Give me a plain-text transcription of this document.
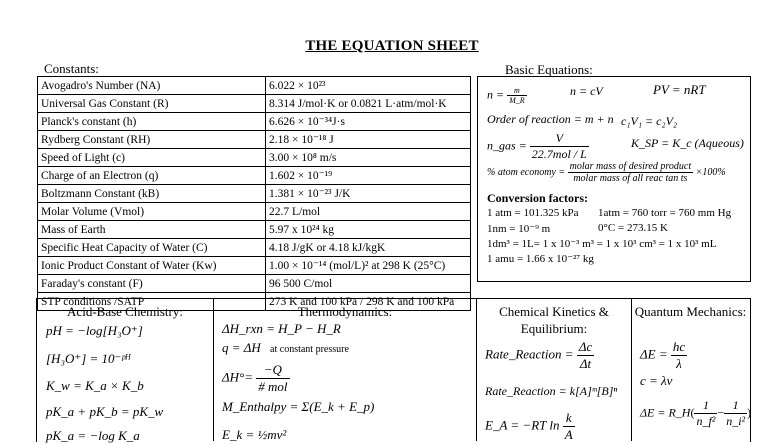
THE EQUATION SHEET
Constants:
Avogadro's Number (NA)	6.022 × 10²³
Universal Gas Constant (R)	8.314 J/mol·K or 0.0821 L·atm/mol·K
Planck's constant (h)	6.626 × 10⁻³⁴J·s
Rydberg Constant (RH)	2.18 × 10⁻¹⁸ J
Speed of Light (c)	3.00 × 10⁸ m/s
Charge of an Electron (q)	1.602 × 10⁻¹⁹
Boltzmann Constant (kB)	1.381 × 10⁻²³ J/K
Molar Volume (Vmol)	22.7 L/mol
Mass of Earth	5.97 x 10²⁴ kg
Specific Heat Capacity of Water (C)	4.18 J/gK or 4.18 kJ/kgK
Ionic Product Constant of Water (Kw)	1.00 × 10⁻¹⁴ (mol/L)² at 298 K (25°C)
Faraday's constant (F)	96 500 C/mol
STP conditions /SATP	273 K and 100 kPa / 298 K and 100 kPa
Basic Equations:
$n = \frac{m}{M\_R}$	n = cV	PV = nRT
Order of reaction = m + n c₁V₁ = c₂V₂
n_gas = $\frac{V}{\text{22.7mol / L}}$	K_SP = K_c (Aqueous)
% atom economy = $\frac{\text{molar mass of desired product}}{\text{molar mass of all reac tan ts}} \times 100\%$
Conversion factors:
1 atm = 101.325 kPa 1atm = 760 torr = 760 mm Hg
1nm = 10⁻⁹ m	0°C = 273.15 K
1dm³ = 1L= 1 x 10⁻³ m³ = 1 x 10³ cm³ = 1 x 10³ mL
1 amu = 1.66 x 10⁻²⁷ kg
Acid-Base Chemistry:
pH = −log[H₃O⁺]
[H₃O⁺] = 10⁻ᵖᴴ
K_w = K_a × K_b
pK_a + pK_b = pK_w
pK_a = −log K_a
Thermodynamics:
ΔH_rxn = H_P − H_R
q = ΔH at constant pressure
$\Delta H^\circ= \frac{-Q}{\text{\# mol}}$
M_Enthalpy = Σ(E_k + E_p)
E_k = ½mv²
Chemical Kinetics & Equilibrium:
Rate_Reaction = $\frac{\Delta c}{\Delta t}$
Rate_Reaction = k[A]ᵐ[B]ⁿ
E_A = −RT $\ln \frac{k}{A}$
Quantum Mechanics:
$\Delta E = \frac{hc}{\lambda}$
c = λv
ΔE = R_H( $\frac{1}{\text{n\_f²}} - \frac{1}{\text{n\_i²}}$ )
